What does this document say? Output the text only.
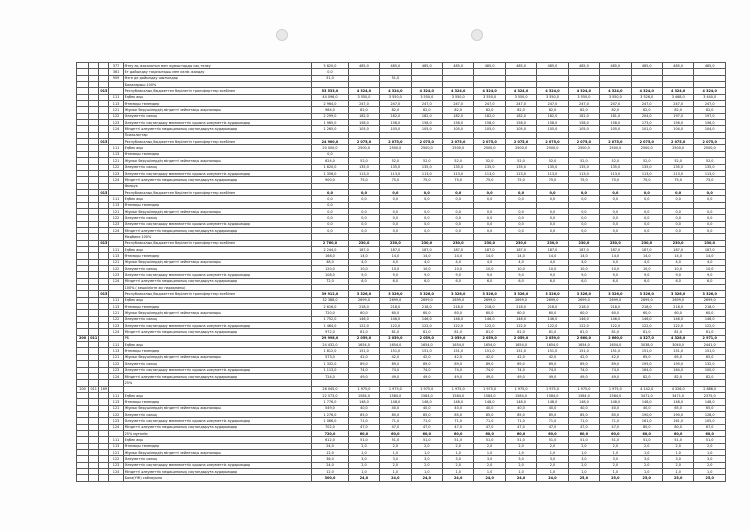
			377	Өтеу ақ жасалатын мен жұмыстарды сақ телеу	5 820,0	485,0	485,0	485,0	485,0	485,0	485,0	485,0	485,0	485,0	485,0	485,0	485,0
			361	Ет дайындау тоқазытқыш мен көлік жалдау	0,0												
			909	Өзге де дайындау шығындар	51,0		51,0										
				Балаларыш 100%													
		015		Республикалық бюджеттен берілетін трансферттер есебінен	53 533,0	4 324,0	4 324,0	4 324,0	4 324,0	4 324,0	4 324,0	4 324,0	4 324,0	4 324,0	4 324,0	4 324,0	4 324,0
			111	Еңбек ақы	44 096,0	3 550,0	3 550,0	3 550,0	3 550,0	3 550,0	3 550,0	3 550,0	3 550,0	3 550,0	3 526,0	3 468,0	3 440,0
			113	Өтемақы төлемдер	2 964,0	247,0	247,0	247,0	247,0	247,0	247,0	247,0	247,0	247,0	247,0	247,0	247,0
			121	Жұмыс берушілердің міндетті зейнетақы жарналары	984,0	82,0	82,0	82,0	82,0	82,0	82,0	82,0	82,0	82,0	82,0	82,0	82,0
			122	Әлеуметтік салық	2 299,0	182,0	182,0	182,0	182,0	182,0	182,0	182,0	181,0	181,0	204,0	197,0	197,0
			123	Әлеуметтік сақтандыру мемлекеттік қорына әлеуметтік аударымдар	1 965,0	158,0	158,0	158,0	158,0	158,0	158,0	158,0	158,0	158,0	173,0	156,0	156,0
			124	Міндетті әлеуметтік медициналық сақтандыруға аударымдар	1 265,0	105,0	105,0	105,0	105,0	105,0	105,0	105,0	105,0	105,0	101,0	104,0	104,0
				Психологтар													
		015		Республикалық бюджеттен берілетін трансферттер есебінен	24 900,0	2 075,0	2 075,0	2 075,0	2 075,0	2 075,0	2 075,0	2 075,0	2 075,0	2 075,0	2 075,0	2 075,0	2 075,0
			111	Еңбек ақы	20 000,0	2500,0	2500,0	2500,0	2500,0	2500,0	2500,0	2500,0	2500,0	2500,0	2500,0	2500,0	2500,0
			113	Өтемақы төлемдер	0,0												
			121	Жұмыс берушілердің міндетті зейнетақы жарналары	624,0	52,0	52,0	52,0	52,0	52,0	52,0	52,0	52,0	52,0	52,0	52,0	52,0
			122	Әлеуметтік салық	1 620,0	135,0	135,0	135,0	135,0	135,0	135,0	135,0	135,0	135,0	135,0	135,0	135,0
			123	Әлеуметтік сақтандыру мемлекеттік қорына әлеуметтік аударымдар	1 356,0	113,0	113,0	113,0	113,0	113,0	113,0	113,0	113,0	113,0	113,0	113,0	113,0
			124	Міндетті әлеуметтік медициналық сақтандыруға аударымдар	900,0	75,0	75,0	75,0	75,0	75,0	75,0	75,0	75,0	75,0	75,0	75,0	75,0
				Физрук													
		015		Республикалық бюджеттен берілетін трансферттер есебінен	0,0	0,0	0,0	0,0	0,0	0,0	0,0	0,0	0,0	0,0	0,0	0,0	0,0
			111	Еңбек ақы	0,0	0,0	0,0	0,0	0,0	0,0	0,0	0,0	0,0	0,0	0,0	0,0	0,0
			113	Өтемақы төлемдер	0,0												
			121	Жұмыс берушілердің міндетті зейнетақы жарналары	0,0	0,0	0,0	0,0	0,0	0,0	0,0	0,0	0,0	0,0	0,0	0,0	0,0
			122	Әлеуметтік салық	0,0	0,0	0,0	0,0	0,0	0,0	0,0	0,0	0,0	0,0	0,0	0,0	0,0
			123	Әлеуметтік сақтандыру мемлекеттік қорына әлеуметтік аударымдар	0,0	0,0	0,0	0,0	0,0	0,0	0,0	0,0	0,0	0,0	0,0	0,0	0,0
			124	Міндетті әлеуметтік медициналық сақтандыруға аударымдар	0,0	0,0	0,0	0,0	0,0	0,0	0,0	0,0	0,0	0,0	0,0	0,0	0,0
				Медбике 100%													
		015		Республикалық бюджеттен берілетін трансферттер есебінен	2 760,0	230,0	230,0	230,0	230,0	230,0	230,0	230,0	230,0	230,0	230,0	230,0	230,0
			111	Еңбек ақы	2 244,0	187,0	187,0	187,0	187,0	187,0	187,0	187,0	187,0	187,0	187,0	187,0	187,0
			113	Өтемақы төлемдер	168,0	14,0	14,0	14,0	14,0	14,0	14,0	14,0	14,0	14,0	14,0	14,0	14,0
			121	Жұмыс берушілердің міндетті зейнетақы жарналары	48,0	4,0	4,0	4,0	4,0	4,0	4,0	4,0	4,0	4,0	4,0	4,0	4,0
			122	Әлеуметтік салық	120,0	10,0	10,0	10,0	10,0	10,0	10,0	10,0	10,0	10,0	10,0	10,0	10,0
			123	Әлеуметтік сақтандыру мемлекеттік қорына әлеуметтік аударымдар	108,0	9,0	9,0	9,0	9,0	9,0	9,0	9,0	9,0	9,0	9,0	9,0	9,0
			124	Міндетті әлеуметтік медициналық сақтандыруға аударымдар	72,0	6,0	6,0	6,0	6,0	6,0	6,0	6,0	6,0	6,0	6,0	6,0	6,0
				100% ( кешкілікте жс парақпаны)													
		015		Республикалық бюджеттен берілетін трансферттер есебінен	39 912,0	3 326,0	3 326,0	3 326,0	3 326,0	3 326,0	3 326,0	3 326,0	3 326,0	3 326,0	3 326,0	3 326,0	3 326,0
			111	Еңбек ақы	32 388,0	2699,0	2699,0	2699,0	2699,0	2699,0	2699,0	2699,0	2699,0	2699,0	2699,0	2699,0	2699,0
			113	Өтемақы төлемдер	2 616,0	218,0	218,0	218,0	218,0	218,0	218,0	218,0	218,0	218,0	218,0	218,0	218,0
			121	Жұмыс берушілердің міндетті зейнетақы жарналары	720,0	60,0	60,0	60,0	60,0	60,0	60,0	60,0	60,0	60,0	60,0	60,0	60,0
			122	Әлеуметтік салық	1 752,0	146,0	146,0	146,0	146,0	146,0	146,0	146,0	146,0	146,0	146,0	146,0	146,0
			123	Әлеуметтік сақтандыру мемлекеттік қорына әлеуметтік аударымдар	1 464,0	122,0	122,0	122,0	122,0	122,0	122,0	122,0	122,0	122,0	122,0	122,0	122,0
			124	Міндетті әлеуметтік медициналық сақтандыруға аударымдар	972,0	81,0	81,0	81,0	81,0	81,0	81,0	81,0	81,0	81,0	81,0	81,0	81,0
200	011			РБ	29 998,0	2 059,0	2 059,0	2 059,0	2 059,0	2 059,0	2 059,0	2 059,0	2 660,0	2 660,0	4 327,0	4 326,0	2 971,0
			111	Еңбек ақы	24 432,0	1654,0	1654,0	1654,0	1654,0	1654,0	1654,0	1654,0	1654,0	1654,0	3038,0	3040,0	2441,0
			113	Өтемақы төлемдер	1 812,0	151,0	151,0	151,0	151,0	151,0	151,0	151,0	151,0	151,0	151,0	151,0	151,0
			121	Жұмыс берушілердің міндетті зейнетақы жарналары	573,0	42,0	42,0	42,0	42,0	42,0	42,0	42,0	42,0	42,0	65,0	65,0	65,0
			122	Әлеуметтік салық	1 332,0	89,0	89,0	89,0	89,0	89,0	89,0	89,0	89,0	89,0	195,0	195,0	132,0
			123	Әлеуметтік сақтандыру мемлекеттік қорына әлеуметтік аударымдар	1 113,0	74,0	74,0	74,0	74,0	74,0	74,0	74,0	74,0	74,0	164,0	164,0	100,0
			124	Міндетті әлеуметтік медициналық сақтандыруға аударымдар	724,0	49,0	49,0	49,0	49,0	49,0	49,0	49,0	49,0	49,0	82,0	82,0	82,0
				25%													
200	011	169			26 045,0	1 975,0	1 975,0	1 975,0	1 975,0	1 975,0	1 975,0	1 975,0	1 975,0	1 975,0	4 142,0	4 326,0	2 886,0
			111	Еңбек ақы	22 573,0	1584,0	1584,0	1584,0	1584,0	1584,0	1584,0	1584,0	1584,0	1584,0	3471,0	3471,0	2375,0
			113	Өтемақы төлемдер	1 776,0	148,0	148,0	148,0	148,0	148,0	148,0	148,0	148,0	148,0	148,0	148,0	148,0
			121	Жұмыс берушілердің міндетті зейнетақы жарналары	549,0	40,0	40,0	40,0	40,0	40,0	40,0	40,0	40,0	40,0	40,0	65,0	65,0
			122	Әлеуметтік салық	1 276,0	85,0	85,0	85,0	85,0	85,0	85,0	85,0	85,0	85,0	190,0	190,0	128,0
			123	Әлеуметтік сақтандыру мемлекеттік қорына әлеуметтік аударымдар	1 066,0	71,0	71,0	71,0	71,0	71,0	71,0	71,0	71,0	71,0	161,0	161,0	105,0
			124	Міндетті әлеуметтік медициналық сақтандыруға аударымдар	702,0	47,0	47,0	47,0	47,0	47,0	47,0	47,0	47,0	47,0	80,0	80,0	67,0
				25% мұғалім	720,0	60,0	60,0	60,0	60,0	60,0	60,0	60,0	60,0	60,0	60,0	60,0	60,0
			111	Еңбек ақы	612,0	51,0	51,0	51,0	51,0	51,0	51,0	51,0	51,0	51,0	51,0	51,0	51,0
			113	Өтемақы төлемдер	24,0	2,0	2,0	2,0	2,0	2,0	2,0	2,0	2,0	2,0	2,0	2,0	2,0
			121	Жұмыс берушілердің міндетті зейнетақы жарналары	12,0	1,0	1,0	1,0	1,0	1,0	1,0	1,0	1,0	1,0	1,0	1,0	1,0
			122	Әлеуметтік салық	36,0	3,0	3,0	3,0	3,0	3,0	3,0	3,0	3,0	3,0	3,0	3,0	3,0
			123	Әлеуметтік сақтандыру мемлекеттік қорына әлеуметтік аударымдар	24,0	2,0	2,0	2,0	2,0	2,0	2,0	2,0	2,0	2,0	2,0	2,0	2,0
			124	Міндетті әлеуметтік медициналық сақтандыруға аударымдар	12,0	1,0	1,0	1,0	1,0	1,0	1,0	1,0	1,0	1,0	1,0	1,0	1,0
				Бала(ҮЖ) сайлауына	300,0	24,0	24,0	24,0	24,0	24,0	24,0	24,0	25,0	25,0	25,0	25,0	25,0
